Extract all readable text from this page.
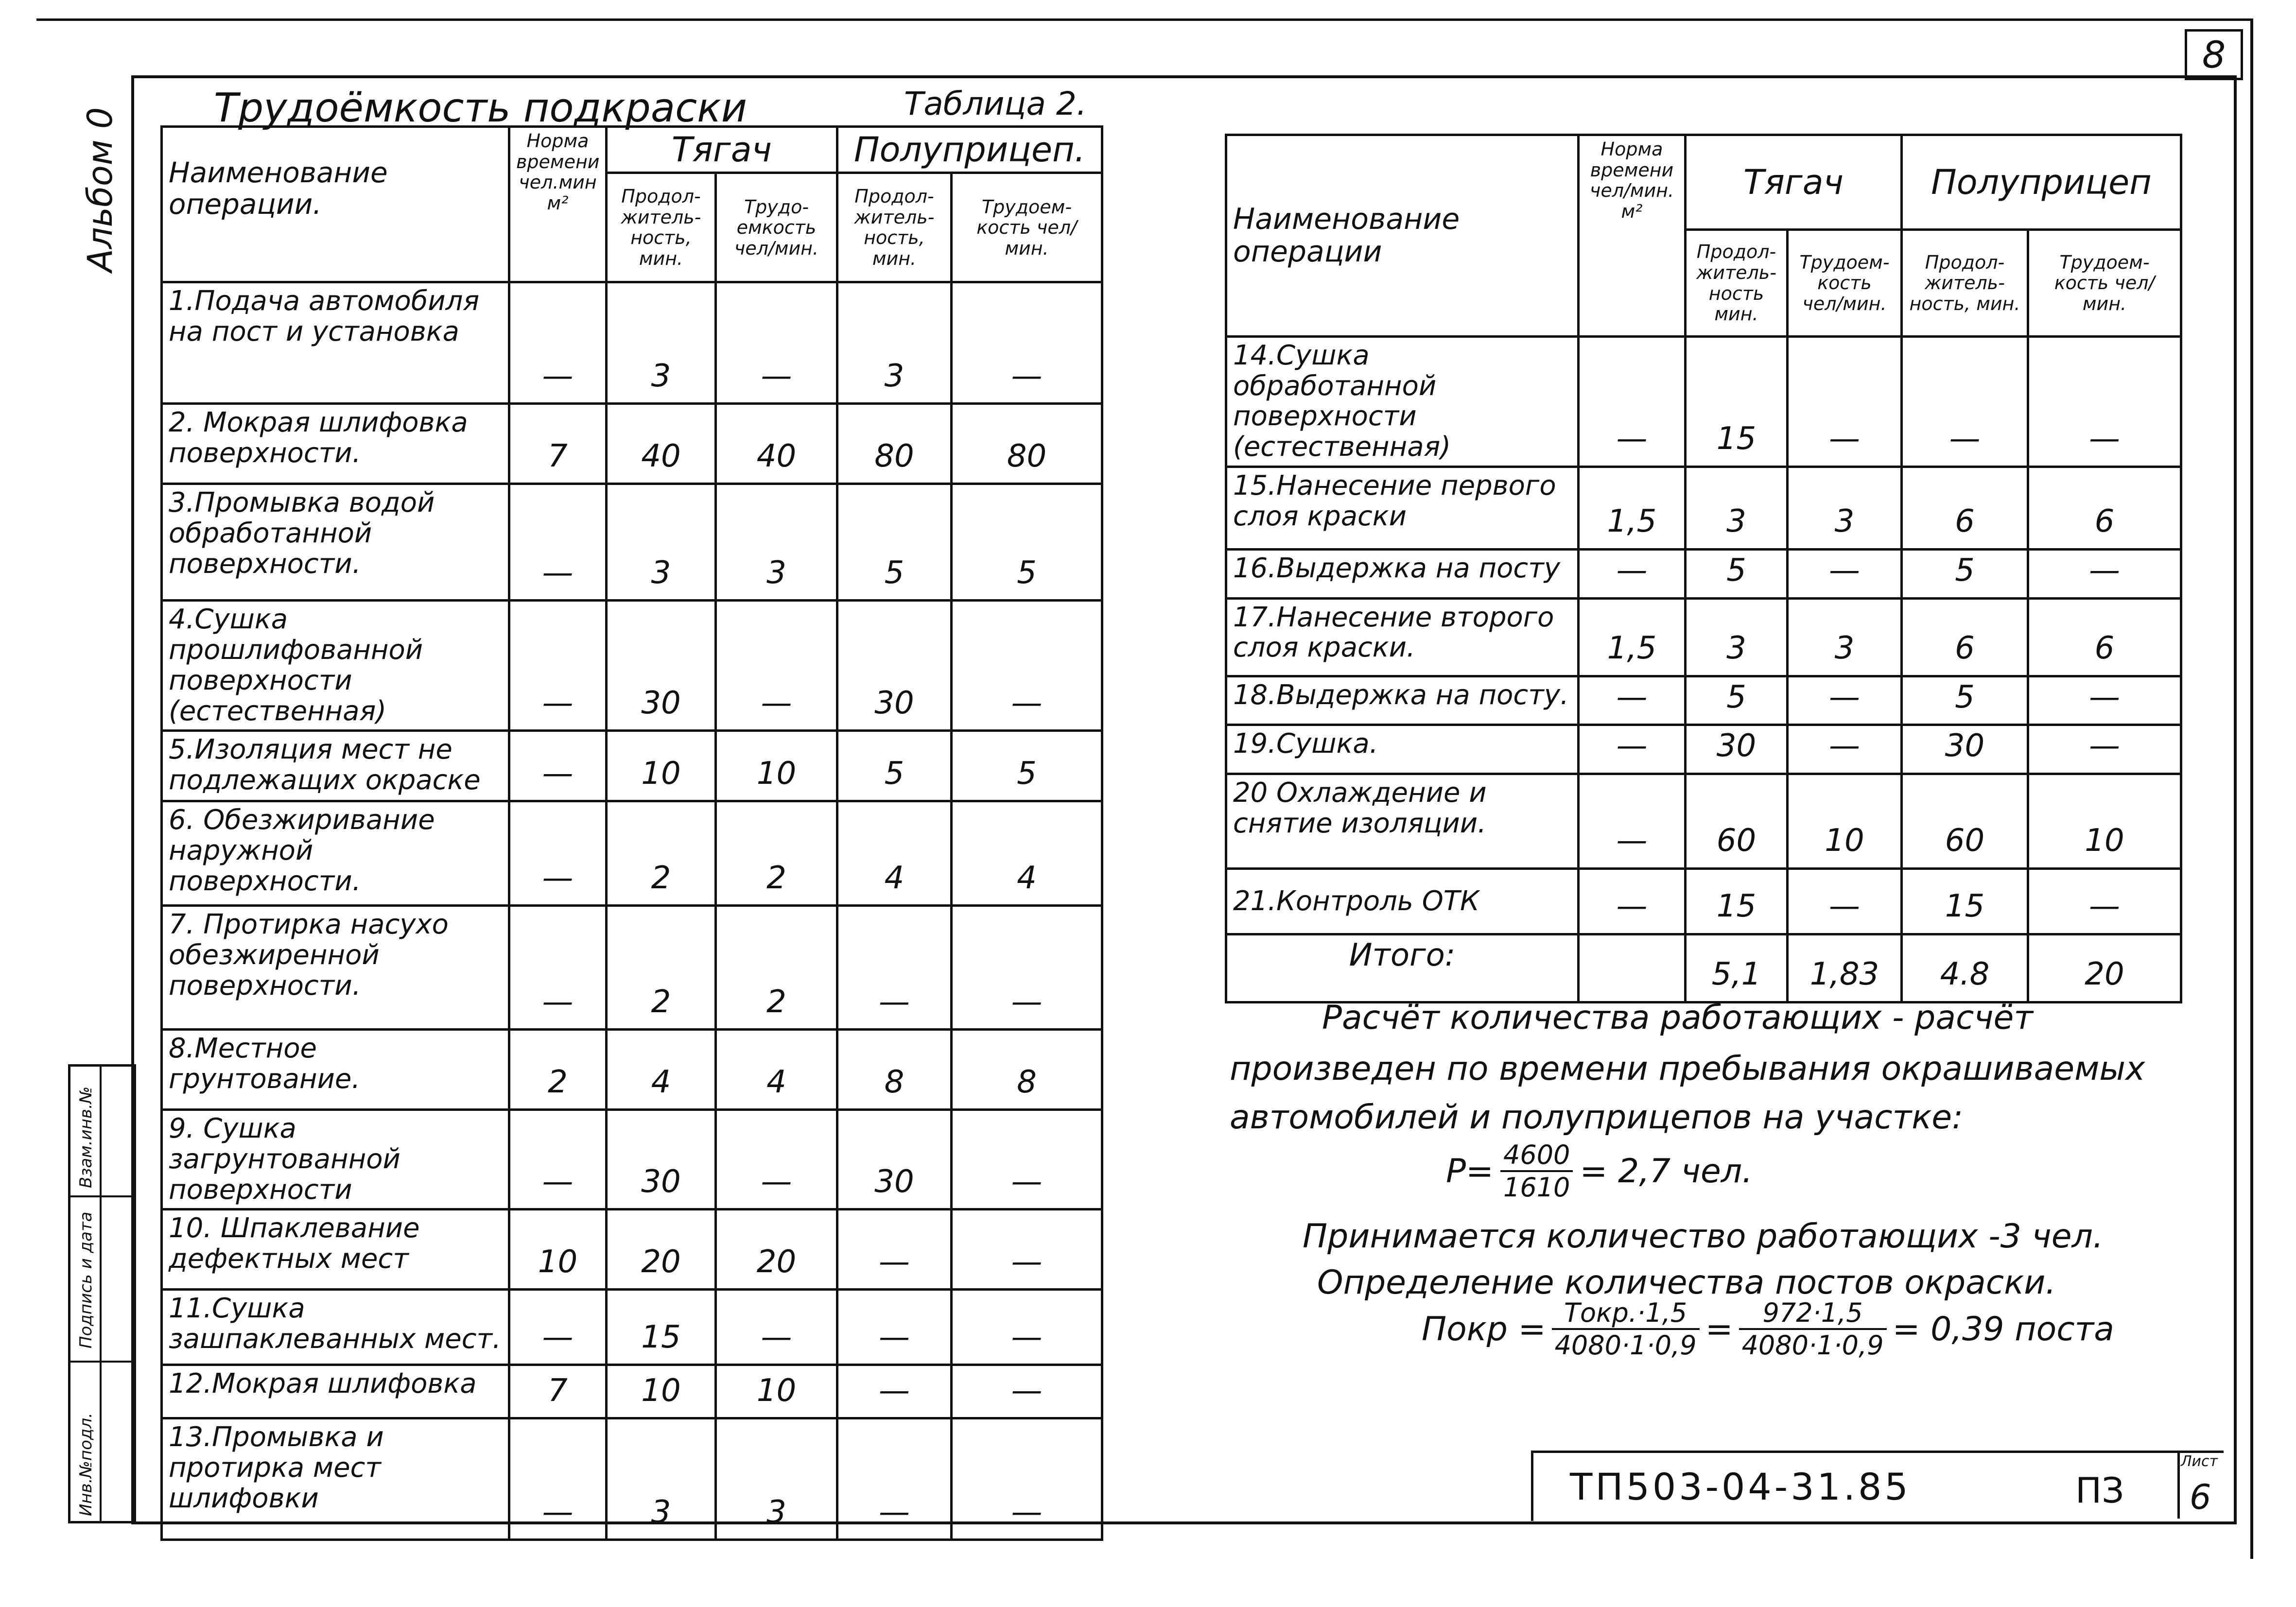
8
Альбом 0
Инв.№подл.
Подпись и дата
Взам.инв.№
Трудоёмкость подкраски	Таблица 2.
Наименование операции.	Норма времени чел.мин м²	Тягач		Полуприцеп.	
		Продол-житель-ность, мин.	Трудо-емкость чел/мин.	Продол-житель-ность, мин.	Трудоем-кость чел/мин.
1.Подача автомобиля на пост и установка	—	3	—	3	—
2. Мокрая шлифовка поверхности.	7	40	40	80	80
3.Промывка водой обработанной поверхности.	—	3	3	5	5
4.Сушка прошлифованной поверхности (естественная)	—	30	—	30	—
5.Изоляция мест не подлежащих окраске	—	10	10	5	5
6. Обезжиривание наружной поверхности.	—	2	2	4	4
7. Протирка насухо обезжиренной поверхности.	—	2	2	—	—
8.Местное грунтование.	2	4	4	8	8
9. Сушка загрунтованной поверхности	—	30	—	30	—
10. Шпаклевание дефектных мест	10	20	20	—	—
11.Сушка зашпаклеванных мест.	—	15	—	—	—
12.Мокрая шлифовка	7	10	10	—	—
13.Промывка и протирка мест шлифовки	—	3	3	—	—
Наименование операции	Норма времени чел/мин. м²	Тягач		Полуприцеп	
		Продол-житель-ность мин.	Трудоем-кость чел/мин.	Продол-житель-ность, мин.	Трудоем-кость чел/мин.
14.Сушка обработанной поверхности (естественная)	—	15	—	—	—
15.Нанесение первого слоя краски	1,5	3	3	6	6
16.Выдержка на посту	—	5	—	5	—
17.Нанесение второго слоя краски.	1,5	3	3	6	6
18.Выдержка на посту.	—	5	—	5	—
19.Сушка.	—	30	—	30	—
20 Охлаждение и снятие изоляции.	—	60	10	60	10
21.Контроль ОТК	—	15	—	15	—
Итого:		5,1	1,83	4.8	20
Расчёт количества работающих - расчёт
произведен по времени пребывания окрашиваемых
автомобилей и полуприцепов на участке:
$Р= \frac{4600}{1610} = 2,7$ чел.
Принимается количество работающих -3 чел.
Определение количества постов окраски.
Покр = $\frac{\text{Токр.·1,5}}{4080\cdot 1\cdot 0,9} = \frac{972\cdot 1,5}{4080\cdot 1\cdot 0,9} = 0,39$ поста
ТП503-04-31.85	ПЗ
Лист
6
